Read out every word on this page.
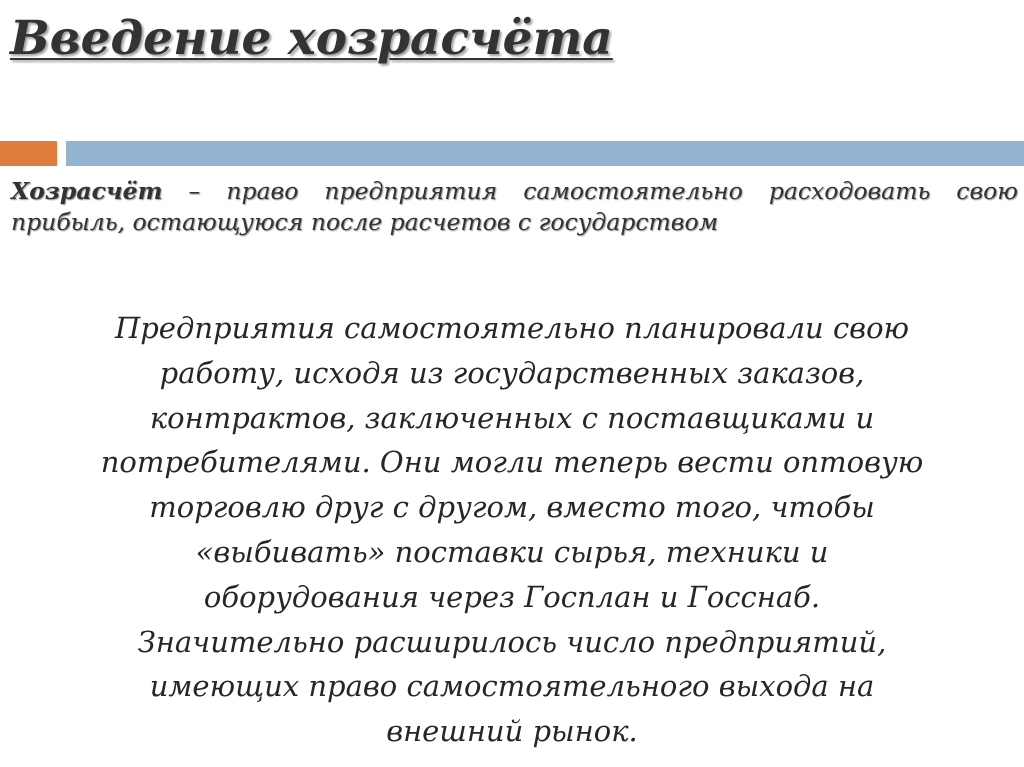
Введение хозрасчёта

Хозрасчёт – право предприятия самостоятельно расходовать свою прибыль, остающуюся после расчетов с государством

Предприятия самостоятельно планировали свою
работу, исходя из государственных заказов,
контрактов, заключенных с поставщиками и
потребителями. Они могли теперь вести оптовую
торговлю друг с другом, вместо того, чтобы
«выбивать» поставки сырья, техники и
оборудования через Госплан и Госснаб.
Значительно расширилось число предприятий,
имеющих право самостоятельного выхода на
внешний рынок.
